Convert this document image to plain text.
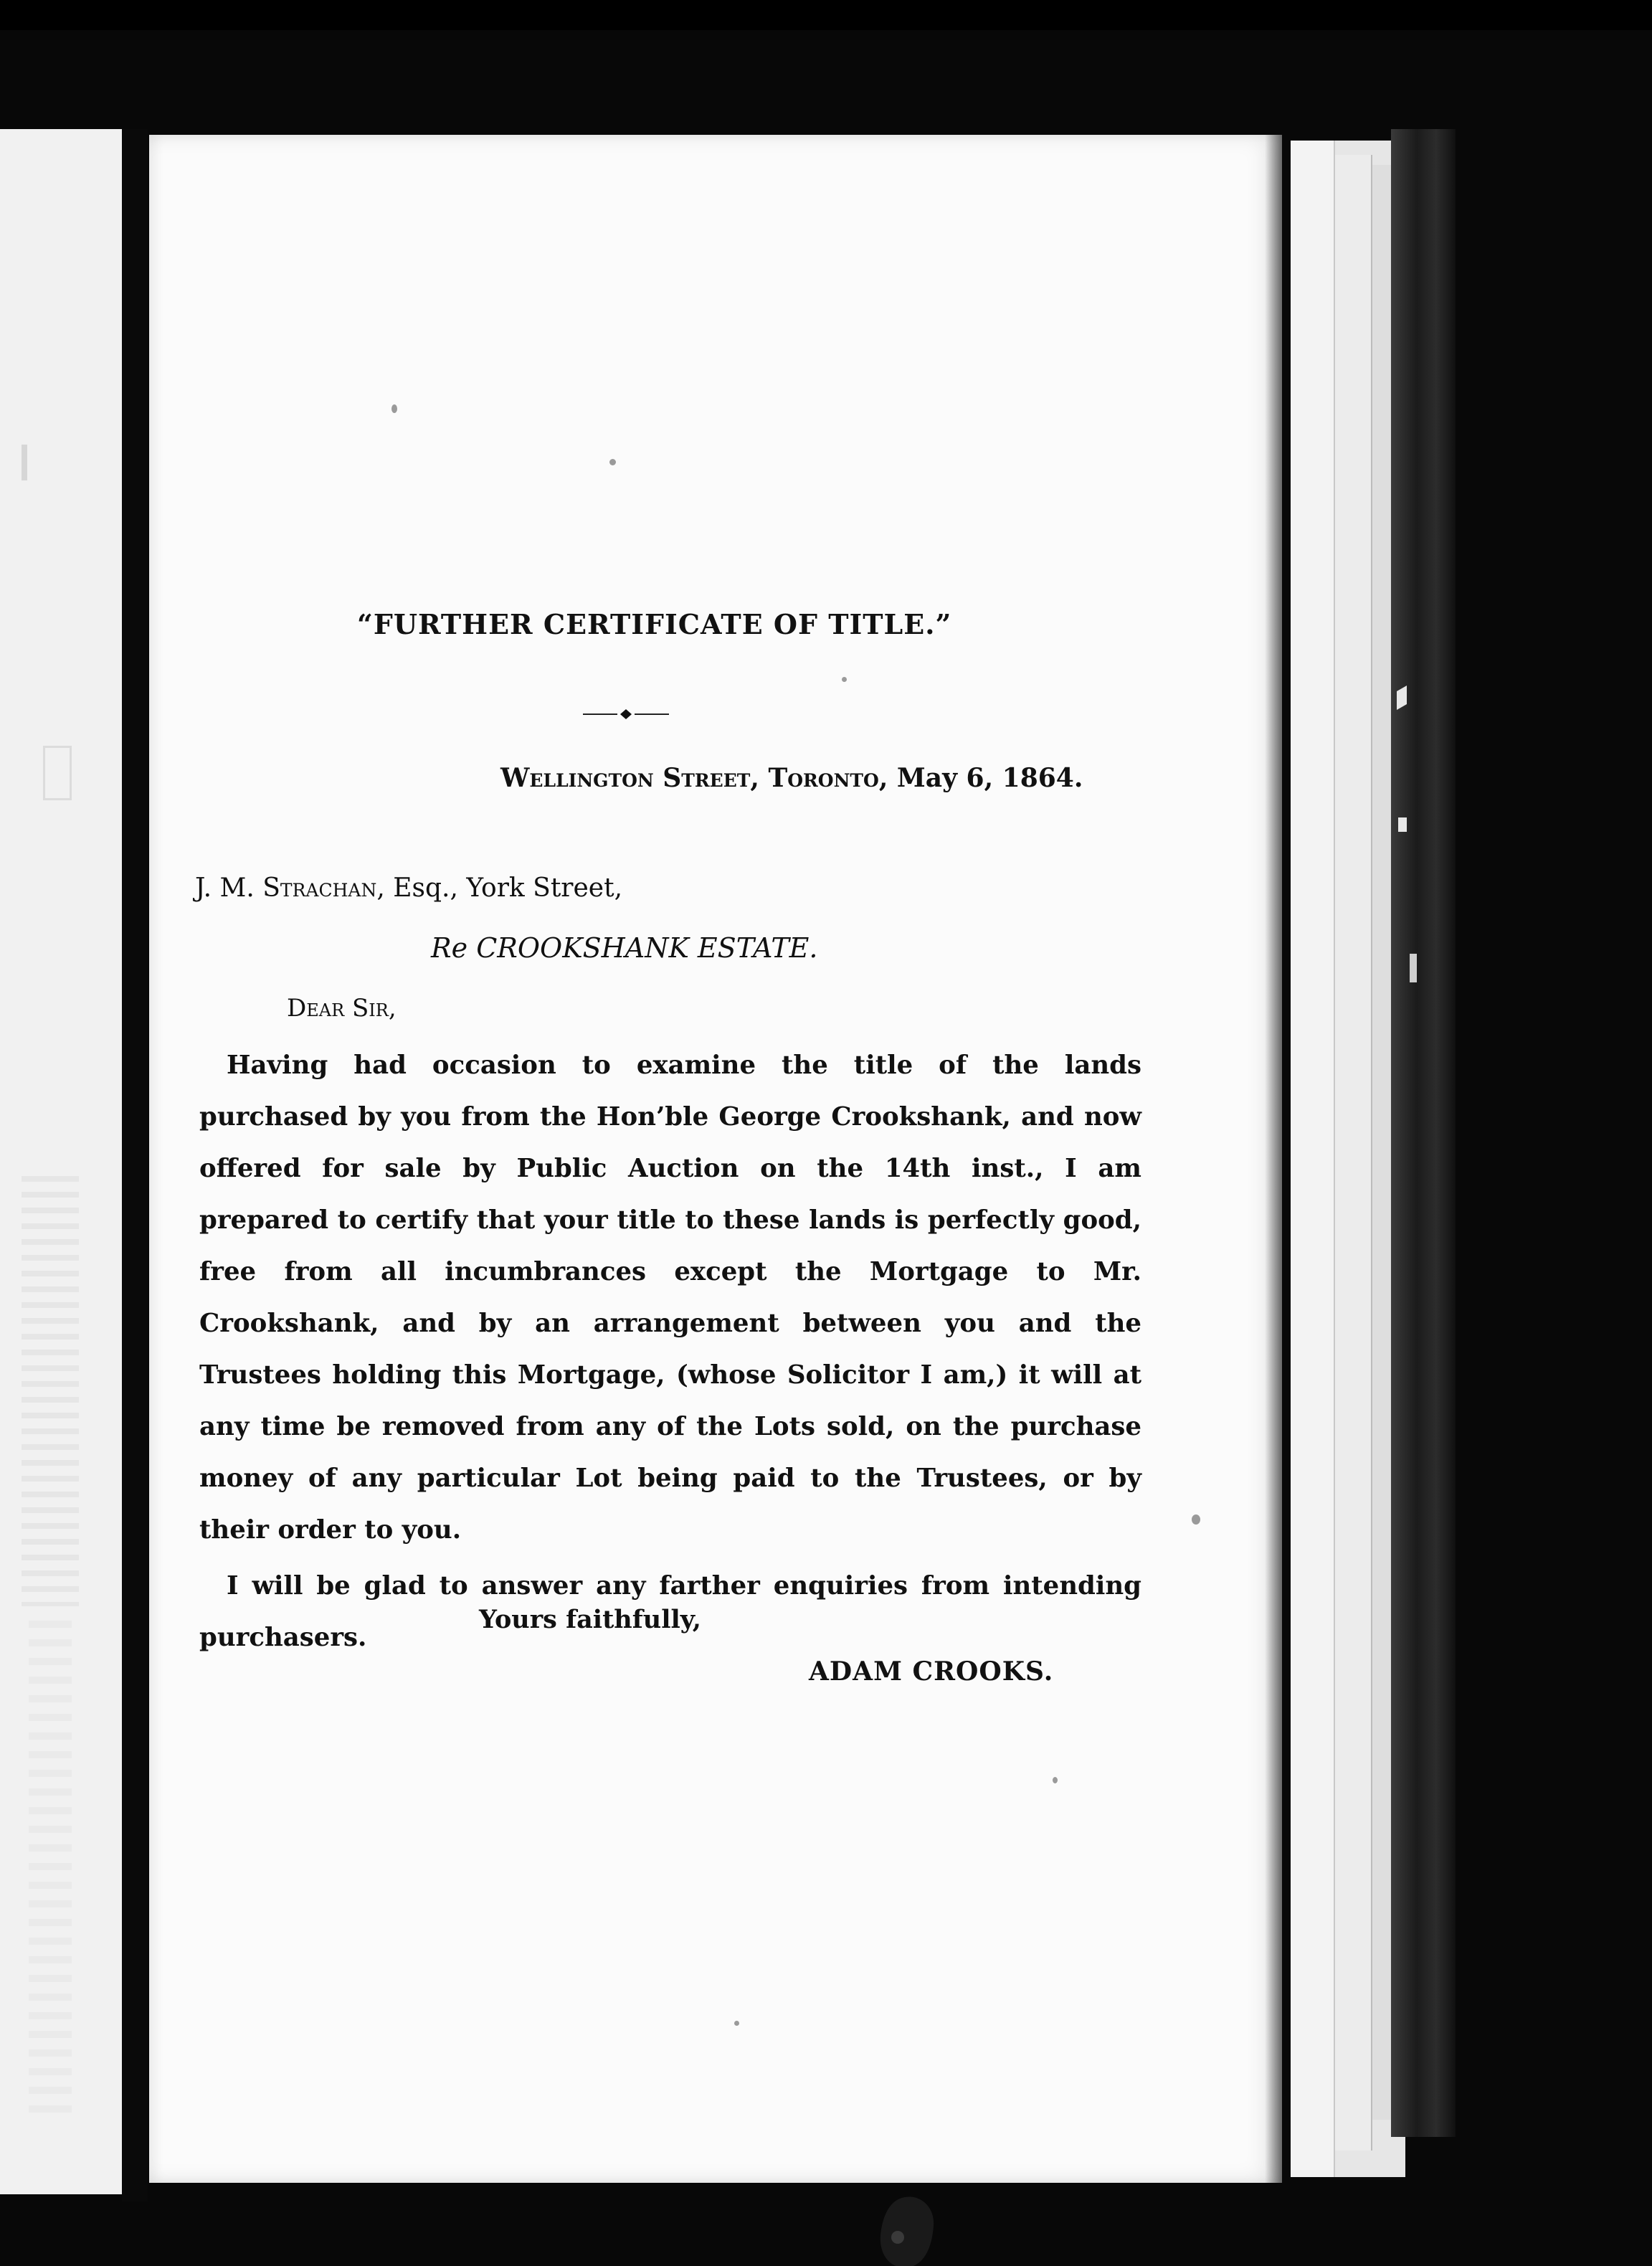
“FURTHER CERTIFICATE OF TITLE.”
Wellington Street, Toronto, May 6, 1864.
J. M. Strachan, Esq., York Street,
Re CROOKSHANK ESTATE.
Dear Sir,

Having had occasion to examine the title of the lands purchased by you from the Hon’ble George Crookshank, and now offered for sale by Public Auction on the 14th inst., I am prepared to certify that your title to these lands is perfectly good, free from all incumbrances except the Mortgage to Mr. Crookshank, and by an arrangement between you and the Trustees holding this Mortgage, (whose Solicitor I am,) it will at any time be removed from any of the Lots sold, on the purchase money of any particular Lot being paid to the Trustees, or by their order to you.

I will be glad to answer any farther enquiries from intending purchasers.

Yours faithfully,
ADAM CROOKS.
